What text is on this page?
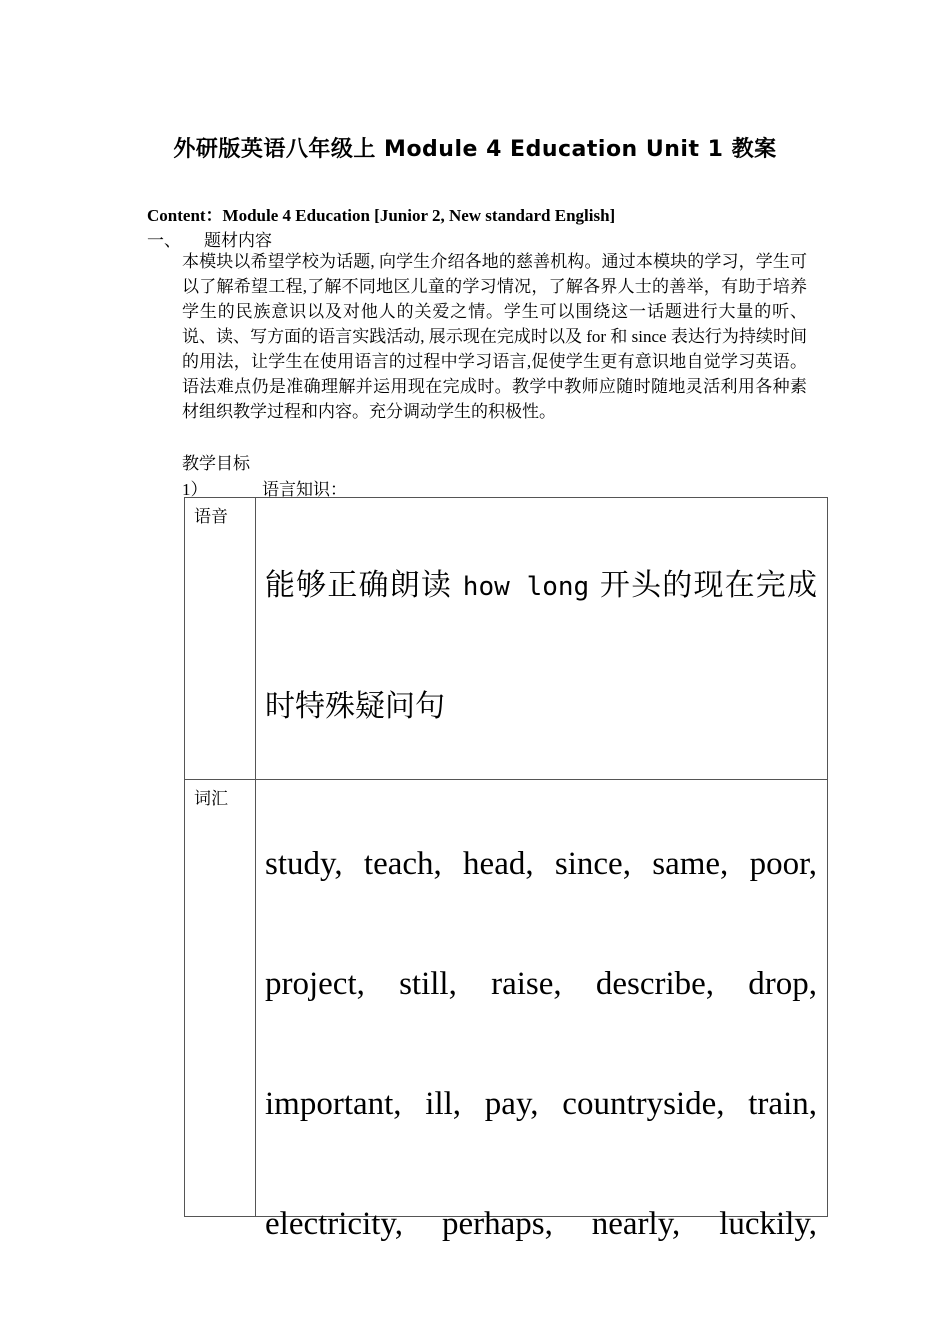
外研版英语八年级上 Module 4 Education Unit 1 教案
Content：Module 4 Education [Junior 2, New standard English]
一、 题材内容
本模块以希望学校为话题, 向学生介绍各地的慈善机构。通过本模块的学习，学生可以了解希望工程,了解不同地区儿童的学习情况，了解各界人士的善举，有助于培养学生的民族意识以及对他人的关爱之情。学生可以围绕这一话题进行大量的听、说、读、写方面的语言实践活动, 展示现在完成时以及 for 和 since 表达行为持续时间的用法，让学生在使用语言的过程中学习语言,促使学生更有意识地自觉学习英语。语法难点仍是准确理解并运用现在完成时。教学中教师应随时随地灵活利用各种素材组织教学过程和内容。充分调动学生的积极性。
教学目标
1）	语言知识：
语音	能够正确朗读 how long 开头的现在完成时特殊疑问句

词汇	study, teach, head, since, same, poor, project, still, raise, describe, drop, important, ill, pay, countryside, train, electricity, perhaps, nearly, luckily,
